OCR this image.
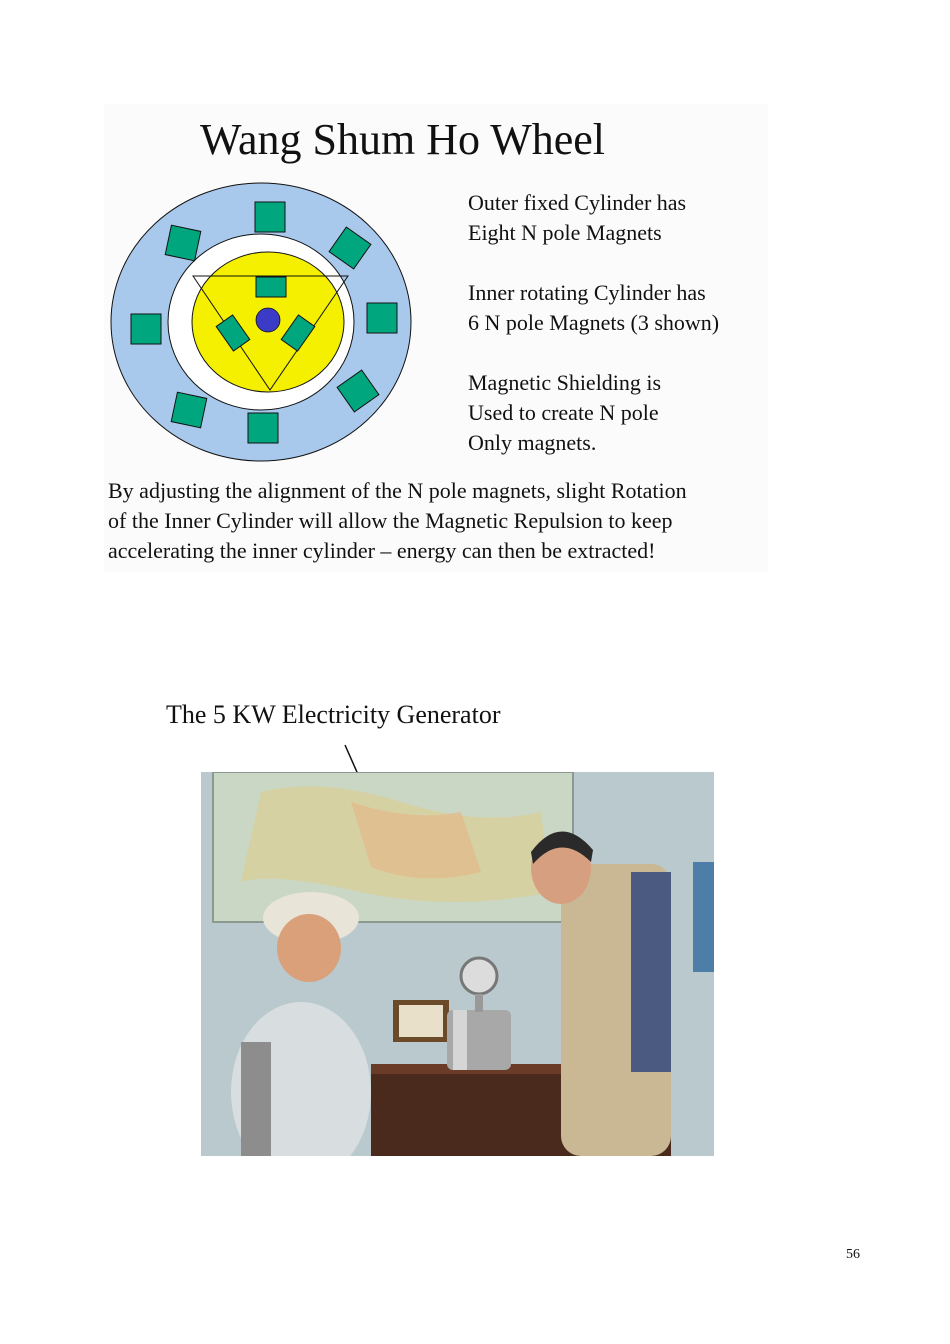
Wang Shum Ho Wheel
Outer fixed Cylinder has
Eight N pole Magnets
Inner rotating Cylinder has
6 N pole Magnets (3 shown)
Magnetic Shielding is
Used to create N pole
Only magnets.
By adjusting the alignment of the N pole magnets, slight Rotation
of the Inner Cylinder will allow the Magnetic Repulsion to keep
accelerating the inner cylinder – energy can then be extracted!
The 5 KW Electricity Generator
56
